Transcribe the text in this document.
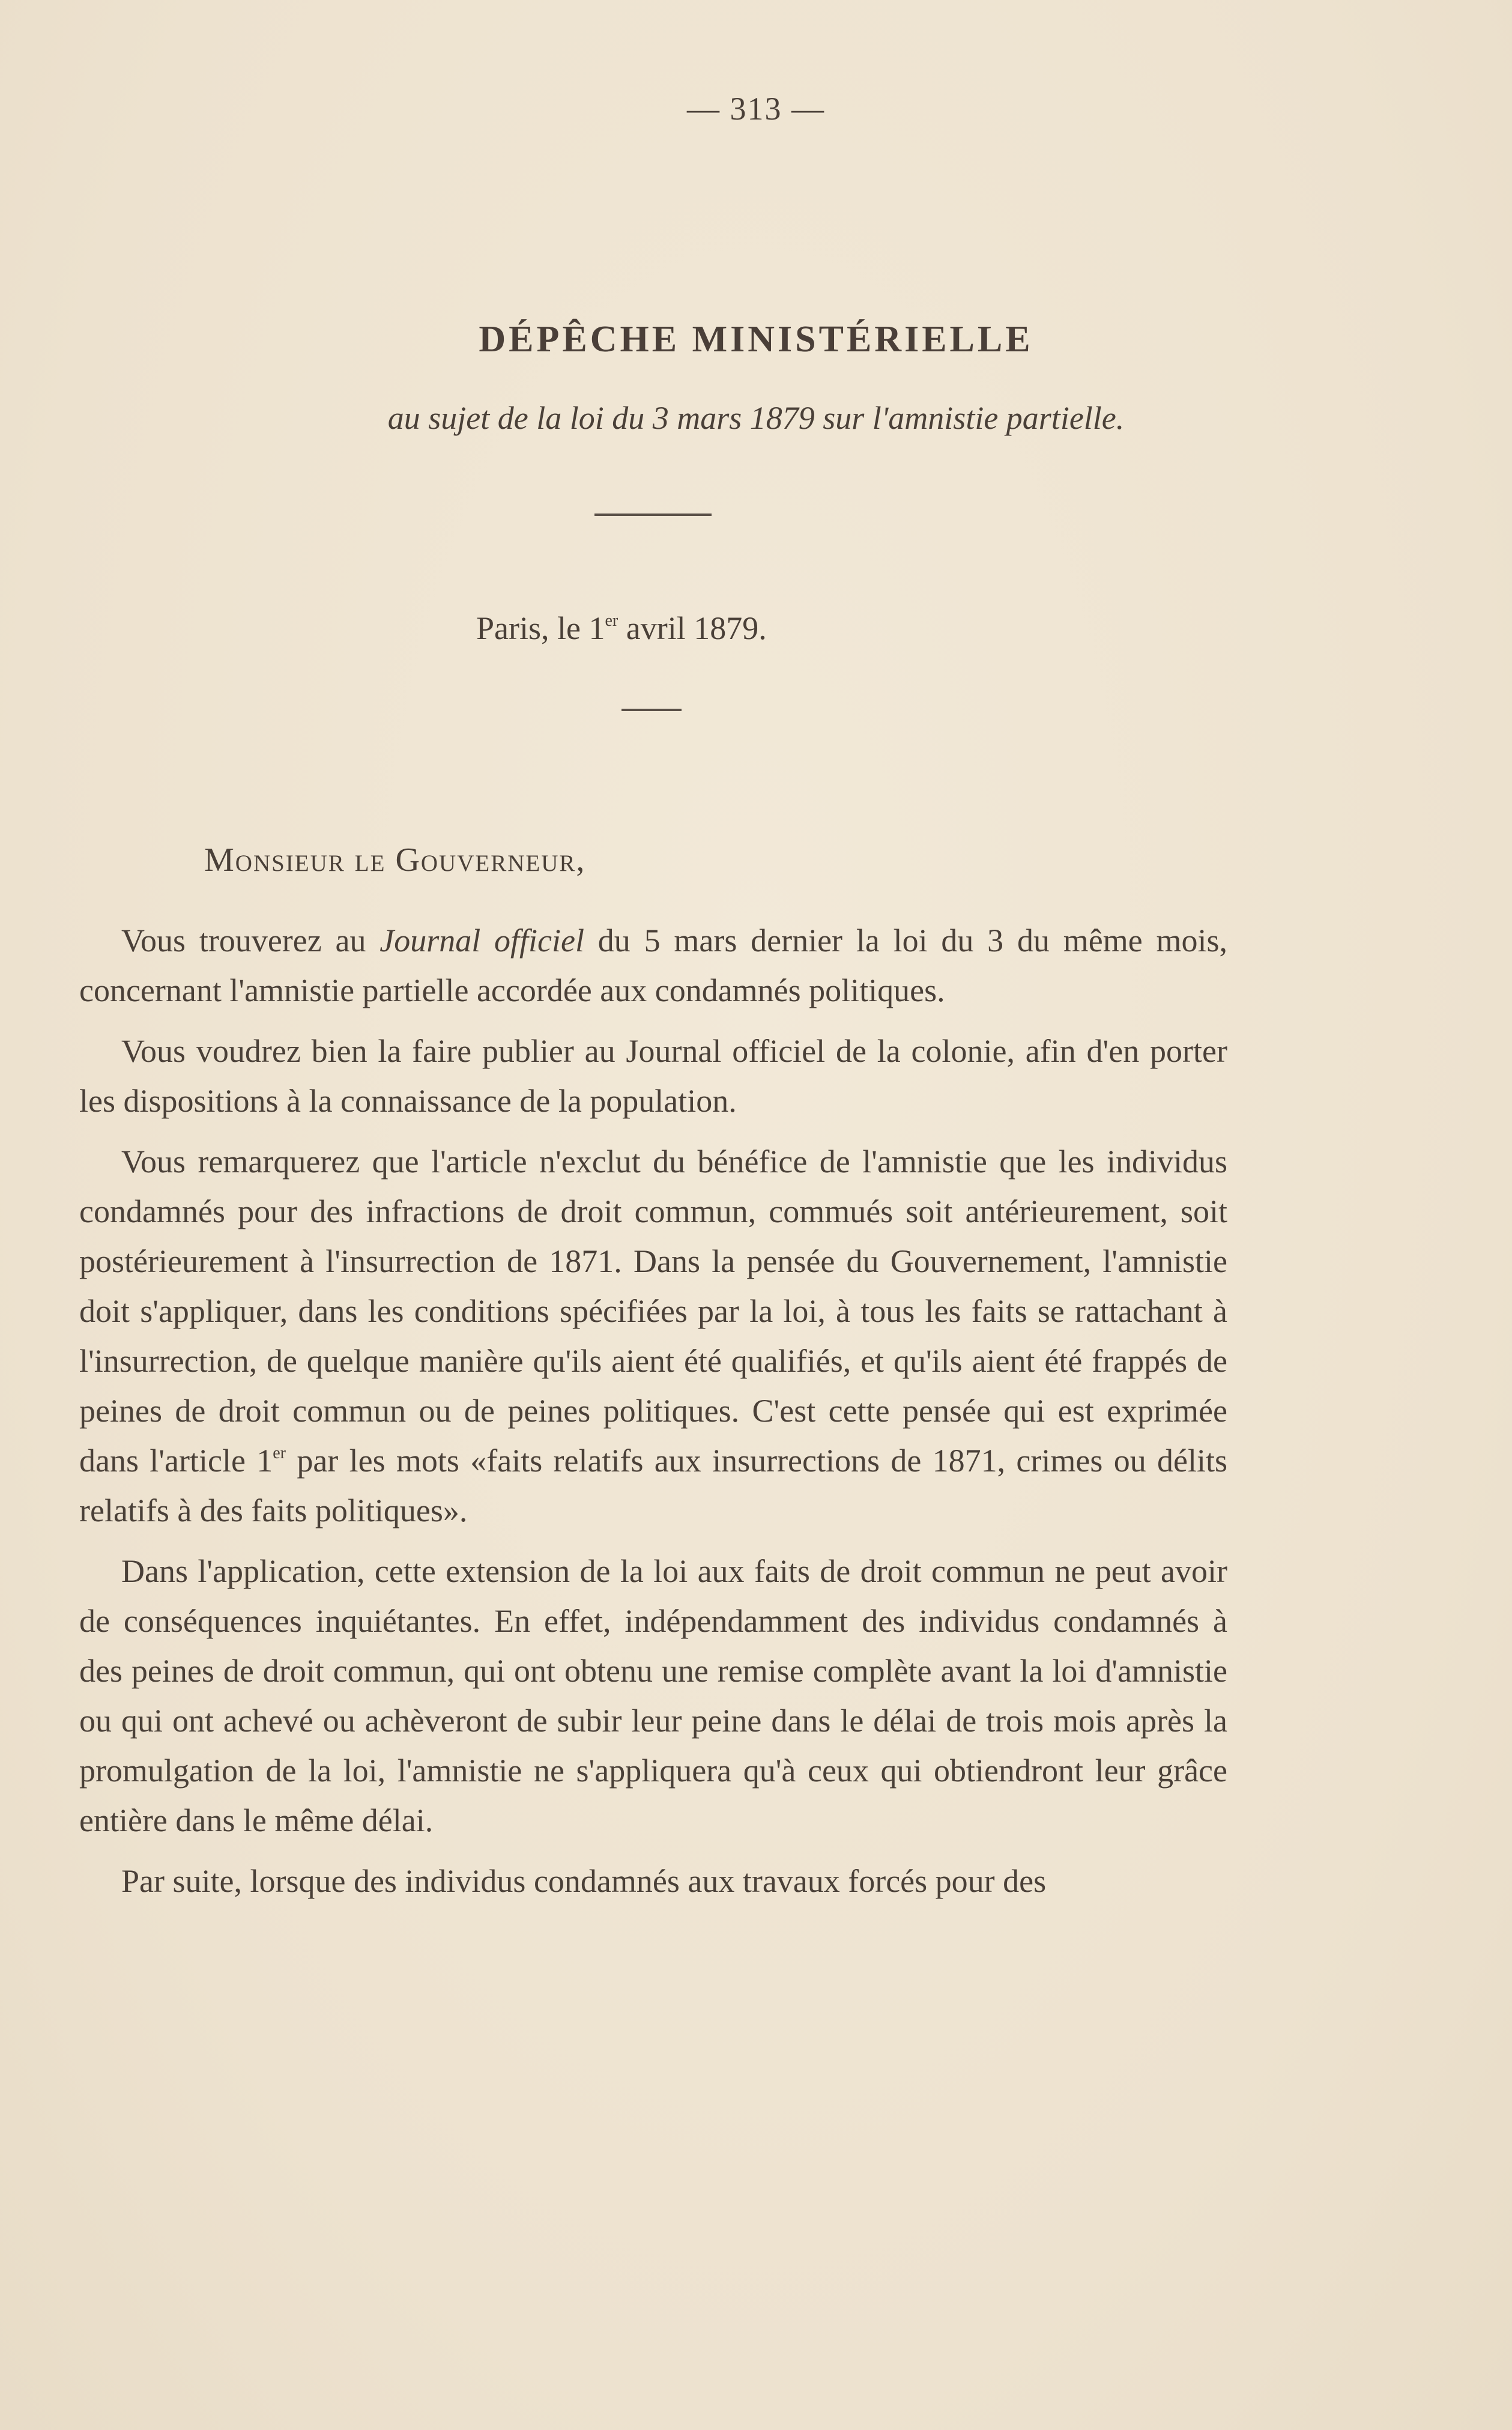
— 313 —
DÉPÊCHE MINISTÉRIELLE
au sujet de la loi du 3 mars 1879 sur l'amnistie partielle.
Paris, le 1er avril 1879.
Monsieur le Gouverneur,

Vous trouverez au Journal officiel du 5 mars dernier la loi du 3 du même mois, concernant l'amnistie partielle accordée aux condamnés politiques.

Vous voudrez bien la faire publier au Journal officiel de la colonie, afin d'en porter les dispositions à la connaissance de la population.

Vous remarquerez que l'article n'exclut du bénéfice de l'amnistie que les individus condamnés pour des infractions de droit commun, commués soit antérieurement, soit postérieurement à l'insurrection de 1871. Dans la pensée du Gouvernement, l'amnistie doit s'appliquer, dans les conditions spécifiées par la loi, à tous les faits se rattachant à l'insurrection, de quelque manière qu'ils aient été qualifiés, et qu'ils aient été frappés de peines de droit commun ou de peines politiques. C'est cette pensée qui est exprimée dans l'article 1er par les mots «faits relatifs aux insurrections de 1871, crimes ou délits relatifs à des faits politiques».

Dans l'application, cette extension de la loi aux faits de droit commun ne peut avoir de conséquences inquiétantes. En effet, indépendamment des individus condamnés à des peines de droit commun, qui ont obtenu une remise complète avant la loi d'amnistie ou qui ont achevé ou achèveront de subir leur peine dans le délai de trois mois après la promulgation de la loi, l'amnistie ne s'appliquera qu'à ceux qui obtiendront leur grâce entière dans le même délai.

Par suite, lorsque des individus condamnés aux travaux forcés pour des
